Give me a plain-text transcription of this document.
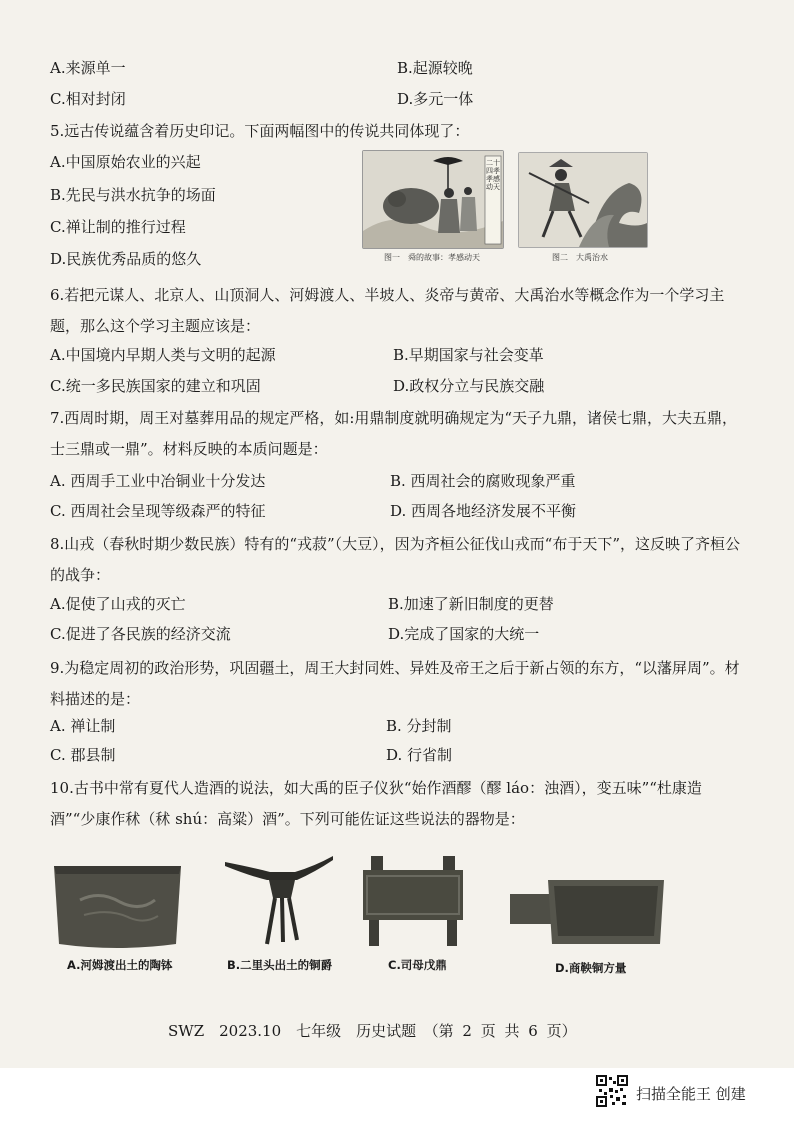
A.来源单一	B.起源较晚
C.相对封闭	D.多元一体
5.远古传说蕴含着历史印记。下面两幅图中的传说共同体现了：
A.中国原始农业的兴起
B.先民与洪水抗争的场面
C.禅让制的推行过程
D.民族优秀品质的悠久
二十四孝 孝感动天
图一　舜的故事：孝感动天	图二　大禹治水
6.若把元谋人、北京人、山顶洞人、河姆渡人、半坡人、炎帝与黄帝、大禹治水等概念作为一个学习主题，那么这个学习主题应该是：
A.中国境内早期人类与文明的起源	B.早期国家与社会变革
C.统一多民族国家的建立和巩固	D.政权分立与民族交融
7.西周时期，周王对墓葬用品的规定严格，如:用鼎制度就明确规定为“天子九鼎，诸侯七鼎，大夫五鼎，士三鼎或一鼎”。材料反映的本质问题是：
A. 西周手工业中冶铜业十分发达	B. 西周社会的腐败现象严重
C. 西周社会呈现等级森严的特征	D. 西周各地经济发展不平衡
8.山戎（春秋时期少数民族）特有的“戎菽”（大豆），因为齐桓公征伐山戎而“布于天下”，这反映了齐桓公的战争：
A.促使了山戎的灭亡	B.加速了新旧制度的更替
C.促进了各民族的经济交流	D.完成了国家的大统一
9.为稳定周初的政治形势，巩固疆土，周王大封同姓、异姓及帝王之后于新占领的东方，“以藩屏周”。材料描述的是：
A. 禅让制	B. 分封制
C. 郡县制	D. 行省制
10.古书中常有夏代人造酒的说法，如大禹的臣子仪狄“始作酒醪（醪 láo：浊酒），变五味”“杜康造酒”“少康作秫（秫 shú：高粱）酒”。下列可能佐证这些说法的器物是：
A.河姆渡出土的陶钵	B.二里头出土的铜爵	C.司母戊鼎	D.商鞅铜方量
SWZ　2023.10　七年级　历史试题　（第 2 页 共 6 页）
扫描全能王 创建
